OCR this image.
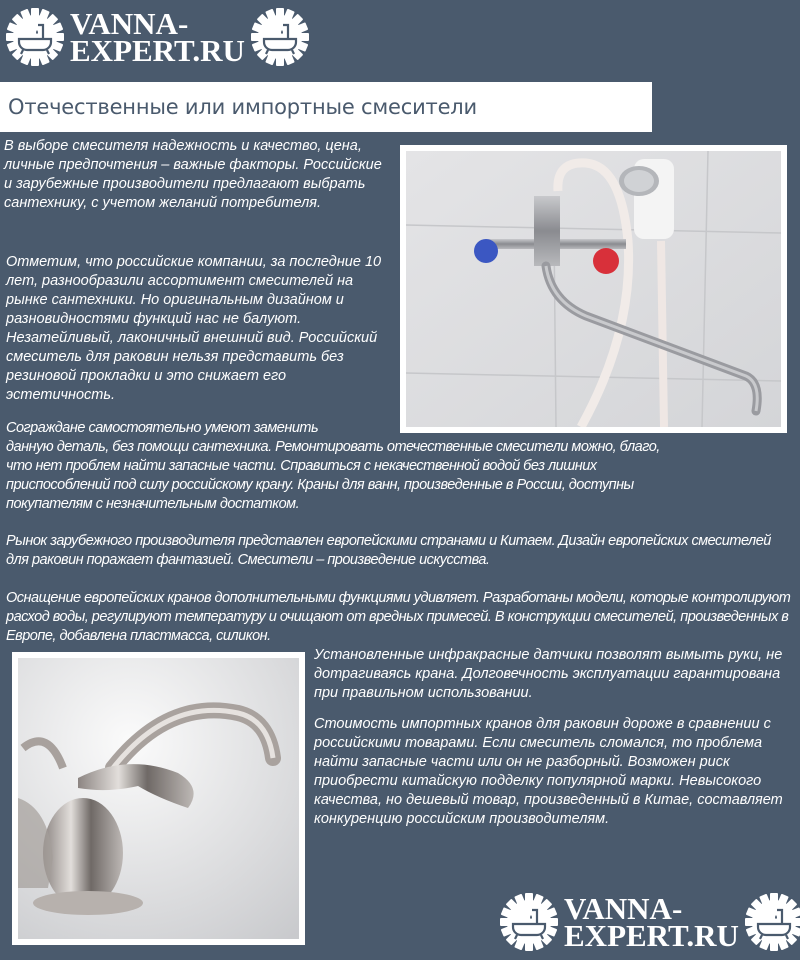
VANNA-
EXPERT.RU
Отечественные или импортные смесители

В выборе смесителя надежность и качество, цена, личные предпочтения – важные факторы. Российские и зарубежные производители предлагают выбрать сантехнику, с учетом желаний потребителя.

Отметим, что российские компании, за последние 10 лет, разнообразили ассортимент смесителей на рынке сантехники. Но оригинальным дизайном и разновидностями функций нас не балуют. Незатейливый, лаконичный внешний вид. Российский смеситель для раковин нельзя представить без резиновой прокладки и это снижает его эстетичность.

Сограждане самостоятельно умеют заменить
данную деталь, без помощи сантехника. Ремонтировать отечественные смесители можно, благо,
что нет проблем найти запасные части. Справиться с некачественной водой без лишних
приспособлений под силу российскому крану. Краны для ванн, произведенные в России, доступны
покупателям с незначительным достатком.

Рынок зарубежного производителя представлен европейскими странами и Китаем. Дизайн европейских смесителей для раковин поражает фантазией. Смесители – произведение искусства.

Оснащение европейских кранов дополнительными функциями удивляет. Разработаны модели, которые контролируют расход воды, регулируют температуру и очищают от вредных примесей. В конструкции смесителей, произведенных в Европе, добавлена пластмасса, силикон.

Установленные инфракрасные датчики позволят вымыть руки, не дотрагиваясь крана. Долговечность эксплуатации гарантирована при правильном использовании.

Стоимость импортных кранов для раковин дороже в сравнении с российскими товарами. Если смеситель сломался, то проблема найти запасные части или он не разборный. Возможен риск приобрести китайскую подделку популярной марки. Невысокого качества, но дешевый товар, произведенный в Китае, составляет конкуренцию российским производителям.

VANNA-
EXPERT.RU
